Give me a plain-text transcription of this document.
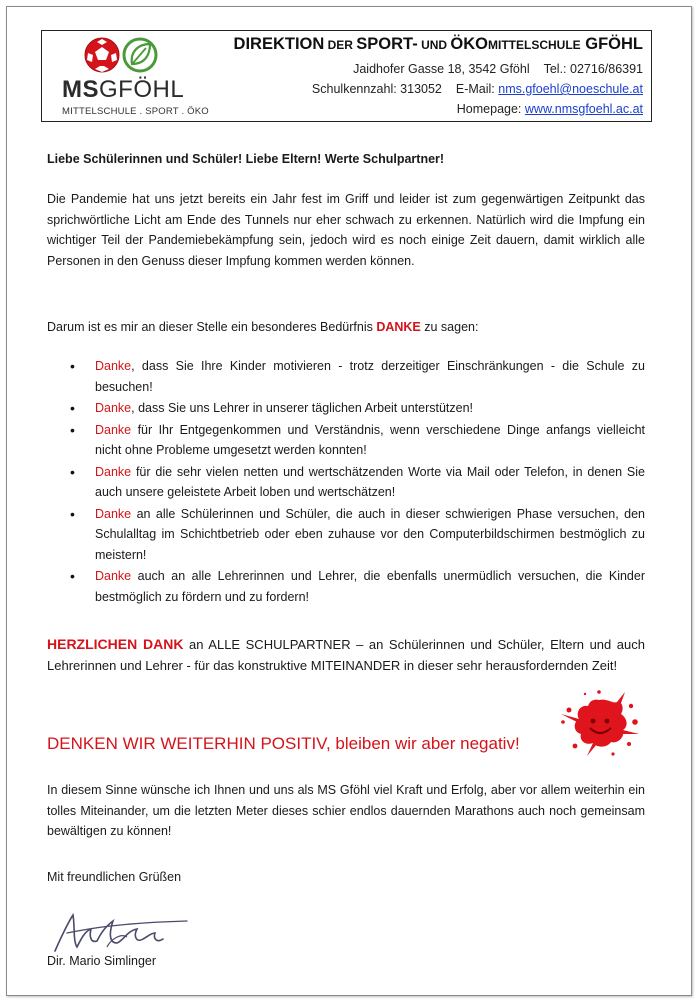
MSGFÖHL
MITTELSCHULE . SPORT . ÖKO
DIREKTION DER SPORT- UND ÖKOMITTELSCHULE GFÖHL
Jaidhofer Gasse 18, 3542 Gföhl Tel.: 02716/86391
Schulkennzahl: 313052 E-Mail: nms.gfoehl@noeschule.at
Homepage: www.nmsgfoehl.ac.at
Liebe Schülerinnen und Schüler! Liebe Eltern! Werte Schulpartner!
Die Pandemie hat uns jetzt bereits ein Jahr fest im Griff und leider ist zum gegenwärtigen Zeitpunkt das sprichwörtliche Licht am Ende des Tunnels nur eher schwach zu erkennen. Natürlich wird die Impfung ein wichtiger Teil der Pandemiebekämpfung sein, jedoch wird es noch einige Zeit dauern, damit wirklich alle Personen in den Genuss dieser Impfung kommen werden können.
Darum ist es mir an dieser Stelle ein besonderes Bedürfnis DANKE zu sagen:
• Danke, dass Sie Ihre Kinder motivieren - trotz derzeitiger Einschränkungen - die Schule zu besuchen!
• Danke, dass Sie uns Lehrer in unserer täglichen Arbeit unterstützen!
• Danke für Ihr Entgegenkommen und Verständnis, wenn verschiedene Dinge anfangs vielleicht nicht ohne Probleme umgesetzt werden konnten!
• Danke für die sehr vielen netten und wertschätzenden Worte via Mail oder Telefon, in denen Sie auch unsere geleistete Arbeit loben und wertschätzen!
• Danke an alle Schülerinnen und Schüler, die auch in dieser schwierigen Phase versuchen, den Schulalltag im Schichtbetrieb oder eben zuhause vor den Computerbildschirmen bestmöglich zu meistern!
• Danke auch an alle Lehrerinnen und Lehrer, die ebenfalls unermüdlich versuchen, die Kinder bestmöglich zu fördern und zu fordern!
HERZLICHEN DANK an ALLE SCHULPARTNER – an Schülerinnen und Schüler, Eltern und auch Lehrerinnen und Lehrer - für das konstruktive MITEINANDER in dieser sehr herausfordernden Zeit!
DENKEN WIR WEITERHIN POSITIV, bleiben wir aber negativ!
In diesem Sinne wünsche ich Ihnen und uns als MS Gföhl viel Kraft und Erfolg, aber vor allem weiterhin ein tolles Miteinander, um die letzten Meter dieses schier endlos dauernden Marathons auch noch gemeinsam bewältigen zu können!
Mit freundlichen Grüßen
Dir. Mario Simlinger
